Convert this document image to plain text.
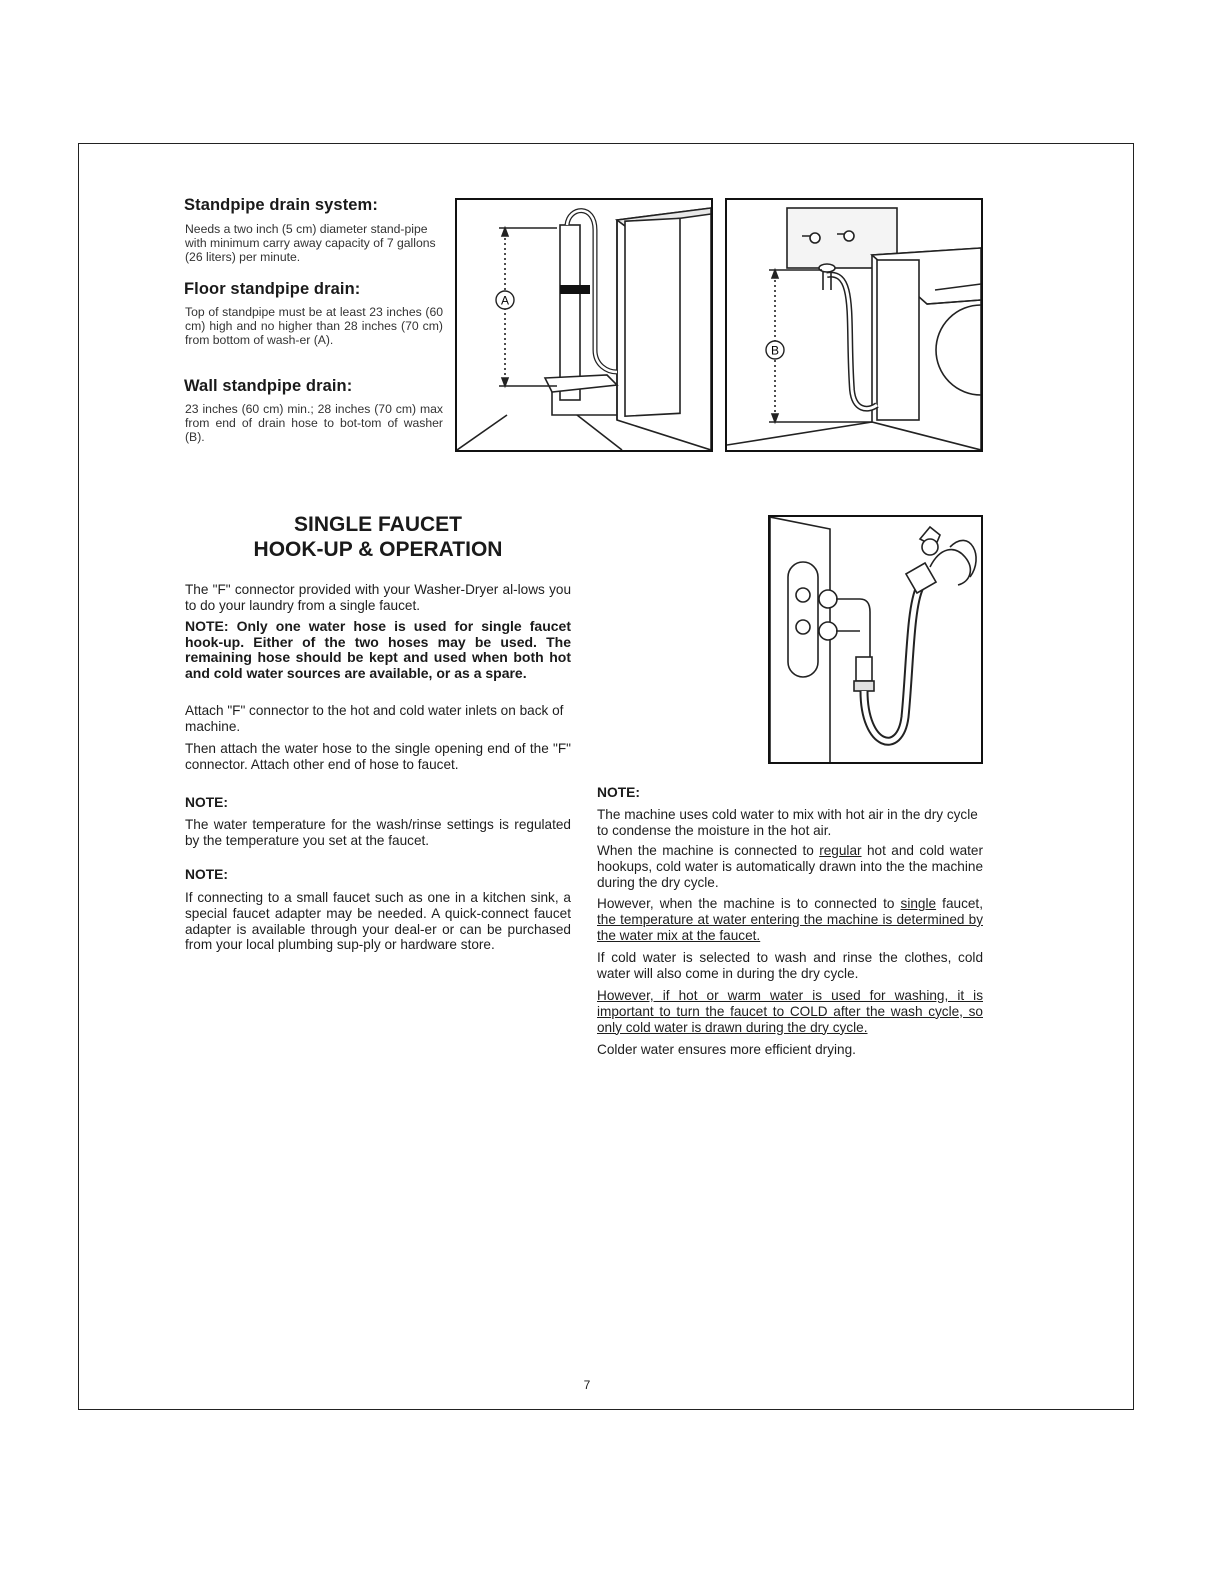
Standpipe drain system:

Needs a two inch (5 cm) diameter stand-pipe with minimum carry away capacity of 7 gallons (26 liters) per minute.

Floor standpipe drain:

Top of standpipe must be at least 23 inches (60 cm) high and no higher than 28 inches (70 cm) from bottom of wash-er (A).

Wall standpipe drain:

23 inches (60 cm) min.; 28 inches (70 cm) max from end of drain hose to bot-tom of washer (B).

A
B
SINGLE FAUCET
HOOK-UP & OPERATION

The "F" connector provided with your Washer-Dryer al-lows you to do your laundry from a single faucet.

NOTE: Only one water hose is used for single faucet hook-up. Either of the two hoses may be used. The remaining hose should be kept and used when both hot and cold water sources are available, or as a spare.

Attach "F" connector to the hot and cold water inlets on back of machine.

Then attach the water hose to the single opening end of the "F" connector. Attach other end of hose to faucet.

NOTE:

The water temperature for the wash/rinse settings is regulated by the temperature you set at the faucet.

NOTE:

If connecting to a small faucet such as one in a kitchen sink, a special faucet adapter may be needed. A quick-connect faucet adapter is available through your deal-er or can be purchased from your local plumbing sup-ply or hardware store.

NOTE:

The machine uses cold water to mix with hot air in the dry cycle to condense the moisture in the hot air.

When the machine is connected to regular hot and cold water hookups, cold water is automatically drawn into the the machine during the dry cycle.

However, when the machine is to connected to single faucet, the temperature at water entering the machine is determined by the water mix at the faucet.

If cold water is selected to wash and rinse the clothes, cold water will also come in during the dry cycle.

However, if hot or warm water is used for washing, it is important to turn the faucet to COLD after the wash cycle, so only cold water is drawn during the dry cycle.

Colder water ensures more efficient drying.

7
